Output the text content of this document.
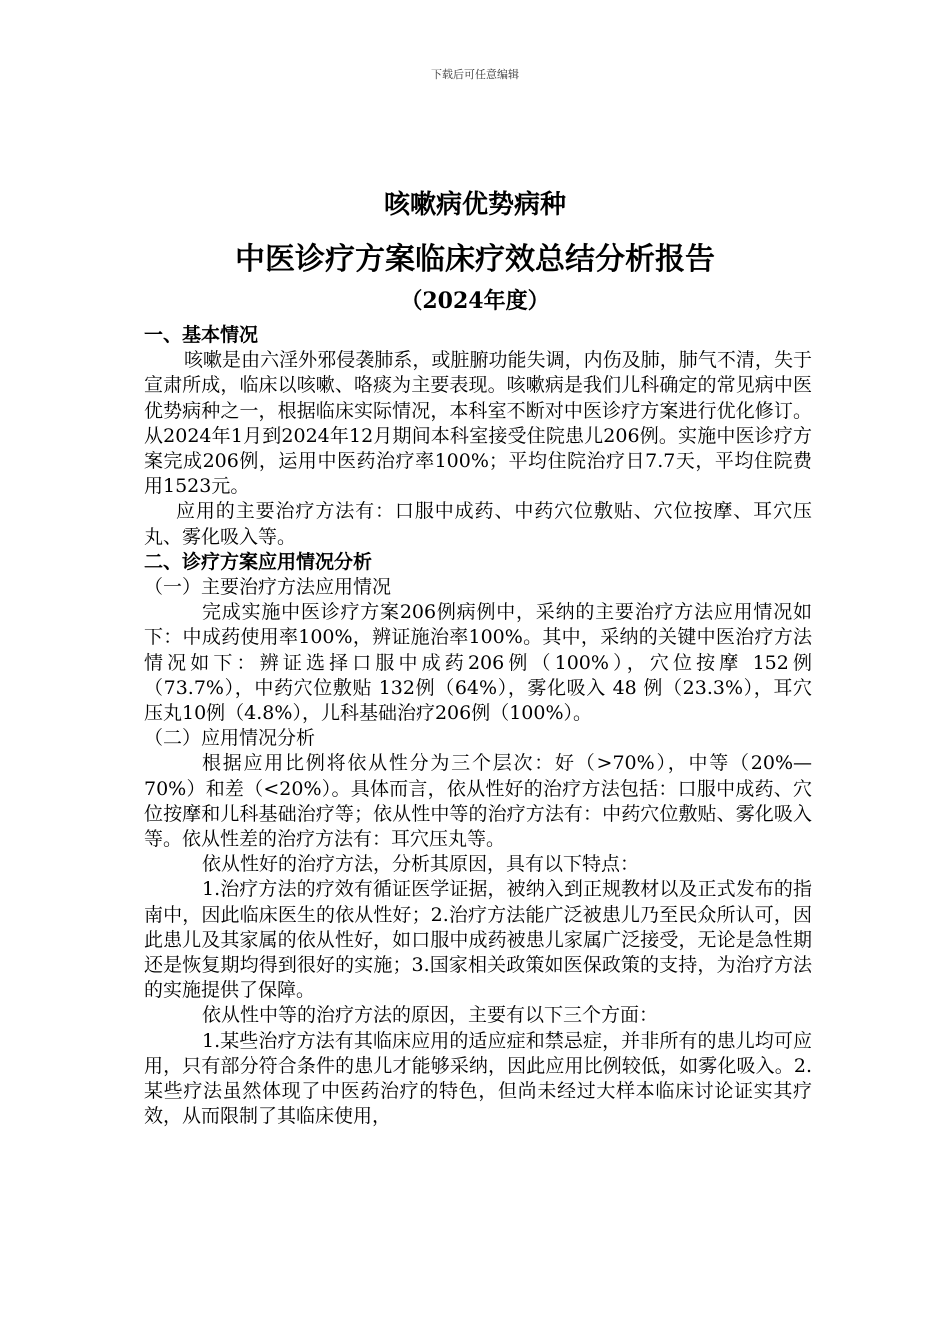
下载后可任意编辑
咳嗽病优势病种
中医诊疗方案临床疗效总结分析报告
（2024年度）

一、基本情况

咳嗽是由六淫外邪侵袭肺系，或脏腑功能失调，内伤及肺，肺气不清，失于宣肃所成，临床以咳嗽、咯痰为主要表现。咳嗽病是我们儿科确定的常见病中医优势病种之一，根据临床实际情况，本科室不断对中医诊疗方案进行优化修订。从2024年1月到2024年12月期间本科室接受住院患儿206例。实施中医诊疗方案完成206例，运用中医药治疗率100%；平均住院治疗日7.7天，平均住院费用1523元。

应用的主要治疗方法有：口服中成药、中药穴位敷贴、穴位按摩、耳穴压丸、雾化吸入等。

二、诊疗方案应用情况分析

（一）主要治疗方法应用情况

完成实施中医诊疗方案206例病例中，采纳的主要治疗方法应用情况如下：中成药使用率100%，辨证施治率100%。其中，采纳的关键中医治疗方法情况如下：辨证选择口服中成药206例（100%），穴位按摩 152例（73.7%），中药穴位敷贴 132例（64%），雾化吸入 48 例（23.3%），耳穴压丸10例（4.8%），儿科基础治疗206例（100%）。

（二）应用情况分析

根据应用比例将依从性分为三个层次：好（>70%），中等（20%—70%）和差（<20%）。具体而言，依从性好的治疗方法包括：口服中成药、穴位按摩和儿科基础治疗等；依从性中等的治疗方法有：中药穴位敷贴、雾化吸入等。依从性差的治疗方法有：耳穴压丸等。

依从性好的治疗方法，分析其原因，具有以下特点：

1.治疗方法的疗效有循证医学证据，被纳入到正规教材以及正式发布的指南中，因此临床医生的依从性好；2.治疗方法能广泛被患儿乃至民众所认可，因此患儿及其家属的依从性好，如口服中成药被患儿家属广泛接受，无论是急性期还是恢复期均得到很好的实施；3.国家相关政策如医保政策的支持，为治疗方法的实施提供了保障。

依从性中等的治疗方法的原因，主要有以下三个方面：

1.某些治疗方法有其临床应用的适应症和禁忌症，并非所有的患儿均可应用，只有部分符合条件的患儿才能够采纳，因此应用比例较低，如雾化吸入。2. 某些疗法虽然体现了中医药治疗的特色，但尚未经过大样本临床讨论证实其疗效，从而限制了其临床使用，
